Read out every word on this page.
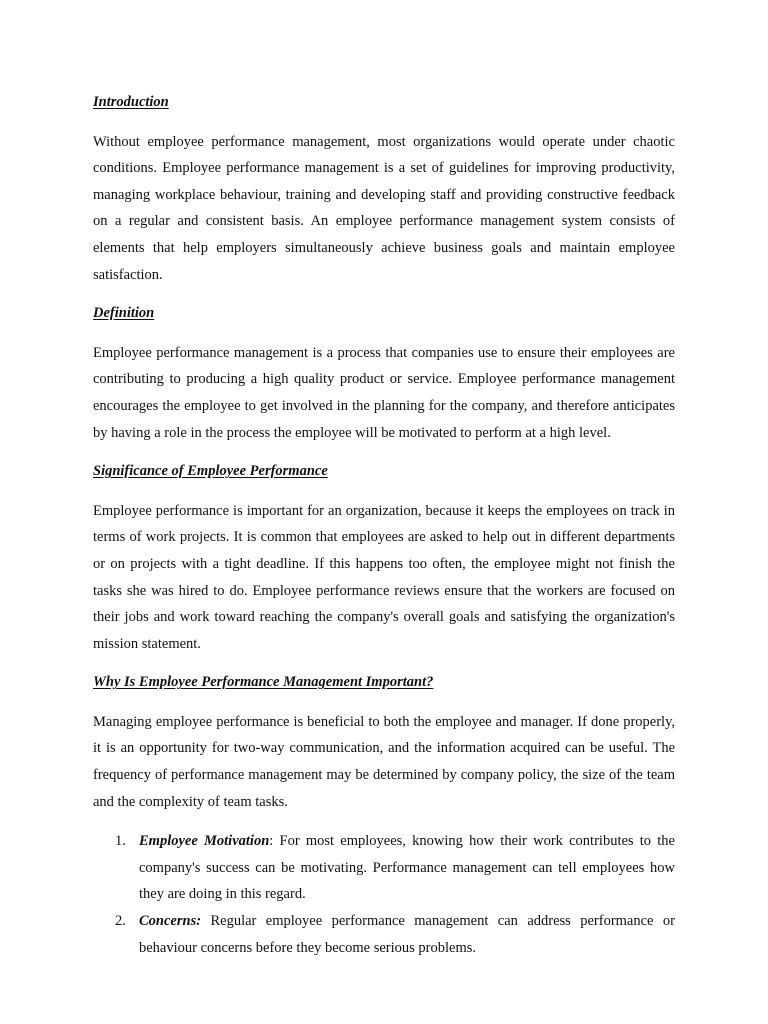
Introduction

Without employee performance management, most organizations would operate under chaotic conditions. Employee performance management is a set of guidelines for improving productivity, managing workplace behaviour, training and developing staff and providing constructive feedback on a regular and consistent basis. An employee performance management system consists of elements that help employers simultaneously achieve business goals and maintain employee satisfaction.

Definition

Employee performance management is a process that companies use to ensure their employees are contributing to producing a high quality product or service. Employee performance management encourages the employee to get involved in the planning for the company, and therefore anticipates by having a role in the process the employee will be motivated to perform at a high level.

Significance of Employee Performance

Employee performance is important for an organization, because it keeps the employees on track in terms of work projects. It is common that employees are asked to help out in different departments or on projects with a tight deadline. If this happens too often, the employee might not finish the tasks she was hired to do. Employee performance reviews ensure that the workers are focused on their jobs and work toward reaching the company's overall goals and satisfying the organization's mission statement.

Why Is Employee Performance Management Important?

Managing employee performance is beneficial to both the employee and manager. If done properly, it is an opportunity for two-way communication, and the information acquired can be useful. The frequency of performance management may be determined by company policy, the size of the team and the complexity of team tasks.

1. Employee Motivation: For most employees, knowing how their work contributes to the company's success can be motivating. Performance management can tell employees how they are doing in this regard.
2. Concerns: Regular employee performance management can address performance or behaviour concerns before they become serious problems.
